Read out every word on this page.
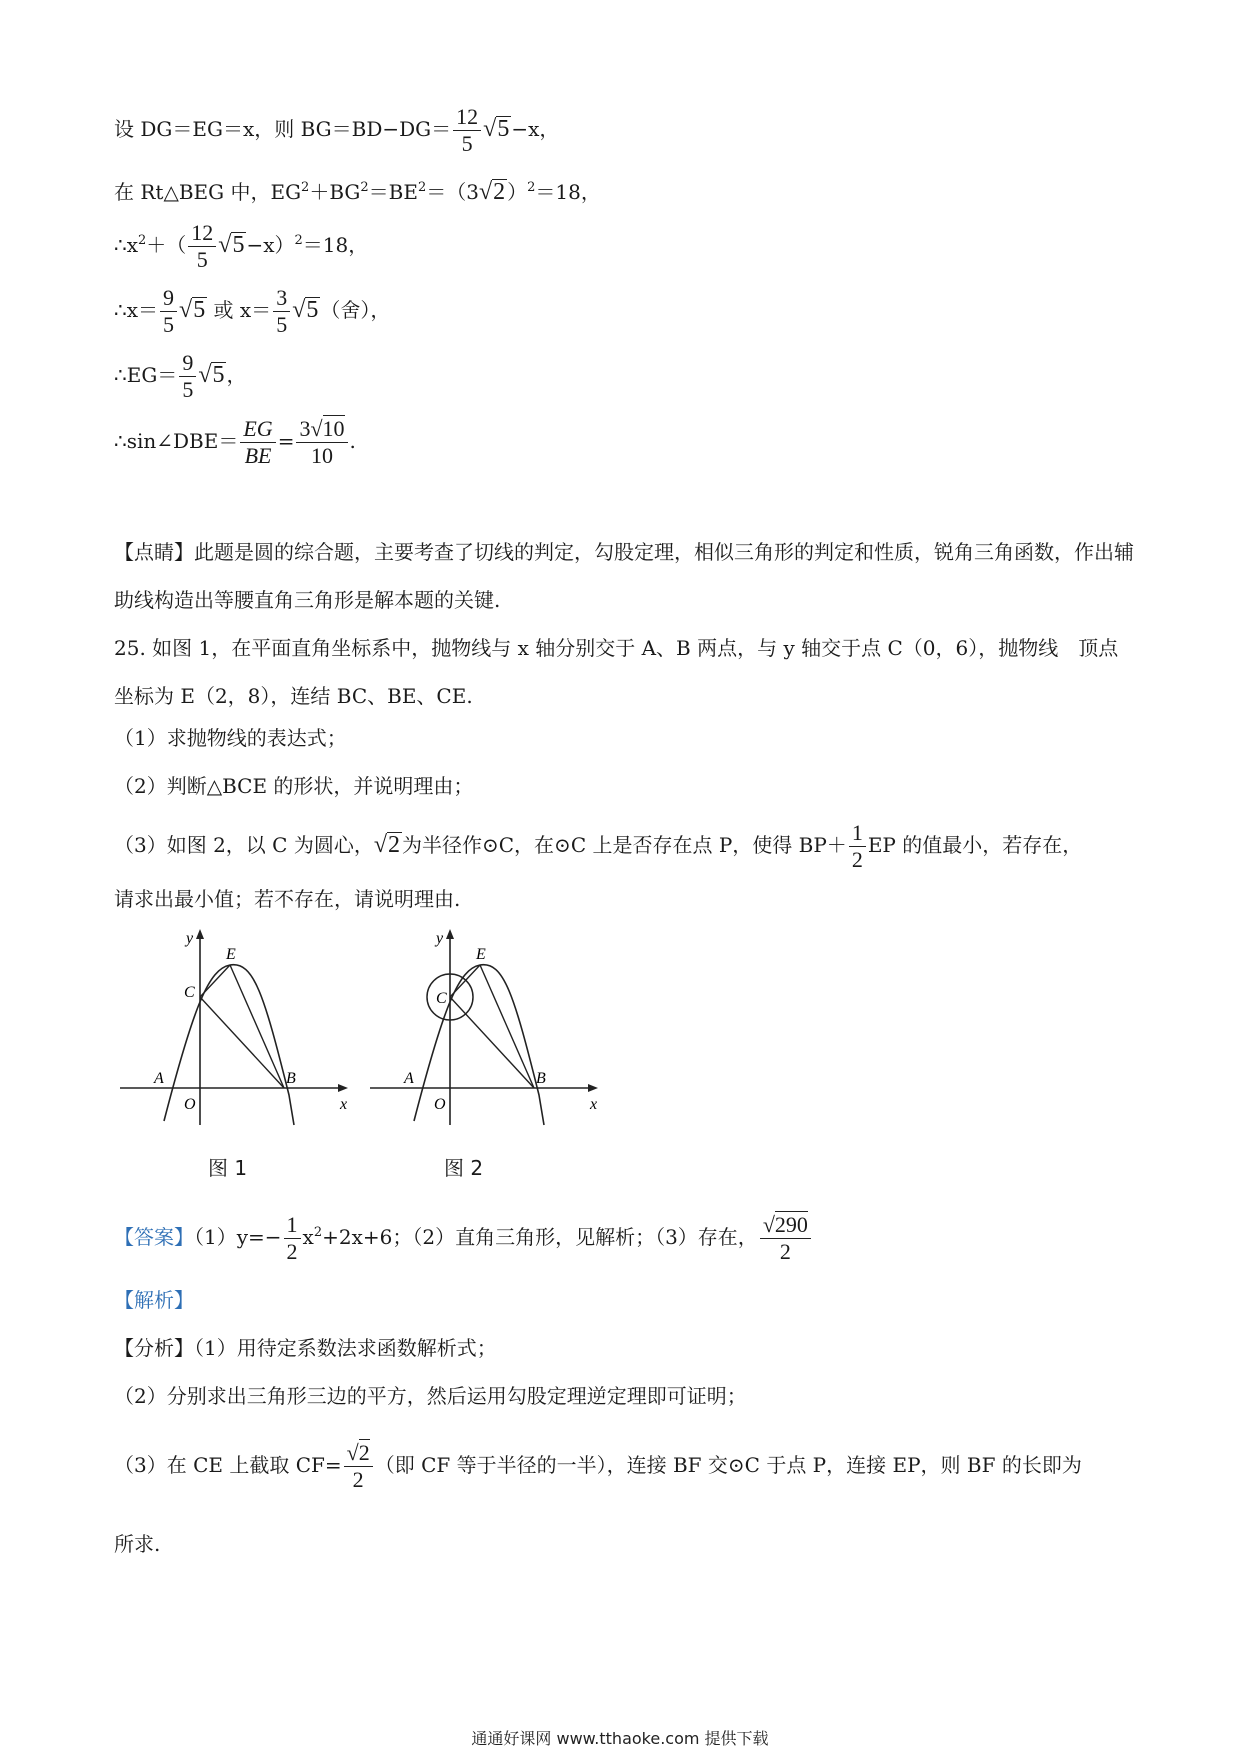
设 DG＝EG＝x，则 $BG=BD-DG= \frac{12}{5} √5 -x$，
在 Rt△BEG 中，$EG^2+BG^2=BE^2=(3√2$ ）$^2$＝18，
$\therefore x^2+( \frac{12}{5} √5 -x)^2=18$，
∴x＝ $\frac{9}{5} √5$ 或 $x= \frac{3}{5} √5$ （舍），
∴EG＝ $\frac{9}{5} √5$ ，
∴sin∠DBE＝ $\frac{EG}{BE} = \frac{3√10}{10}$ .
【点睛】此题是圆的综合题，主要考查了切线的判定，勾股定理，相似三角形的判定和性质，锐角三角函数，作出辅助线构造出等腰直角三角形是解本题的关键.
25. 如图 1，在平面直角坐标系中，抛物线与 x 轴分别交于 A、B 两点，与 y 轴交于点 C（0，6），抛物线　顶点坐标为 E（2，8），连结 BC、BE、CE.
（1）求抛物线的表达式；
（2）判断△BCE 的形状，并说明理由；
（3）如图 2，以 C 为圆心，√2 为半径作⊙C，在⊙C 上是否存在点 P，使得 $BP+ \frac{1}{2}$ EP 的值最小，若存在，
请求出最小值；若不存在，请说明理由.
y
x
O
A	B
C
E
图 1
y
x
O
A	B
C
E
图 2
【答案】$(1)y=- \frac{1}{2} x^2+2x+6$；（2）直角三角形，见解析；（3）存在， $\frac{√290}{2}$
【解析】
【分析】（1）用待定系数法求函数解析式；
（2）分别求出三角形三边的平方，然后运用勾股定理逆定理即可证明；
（3）在 CE 上截取 $CF= \frac{√2}{2}$ （即 CF 等于半径的一半），连接 BF 交⊙C 于点 P，连接 EP，则 BF 的长即为
所求.
通通好课网 www.tthaoke.com 提供下载
